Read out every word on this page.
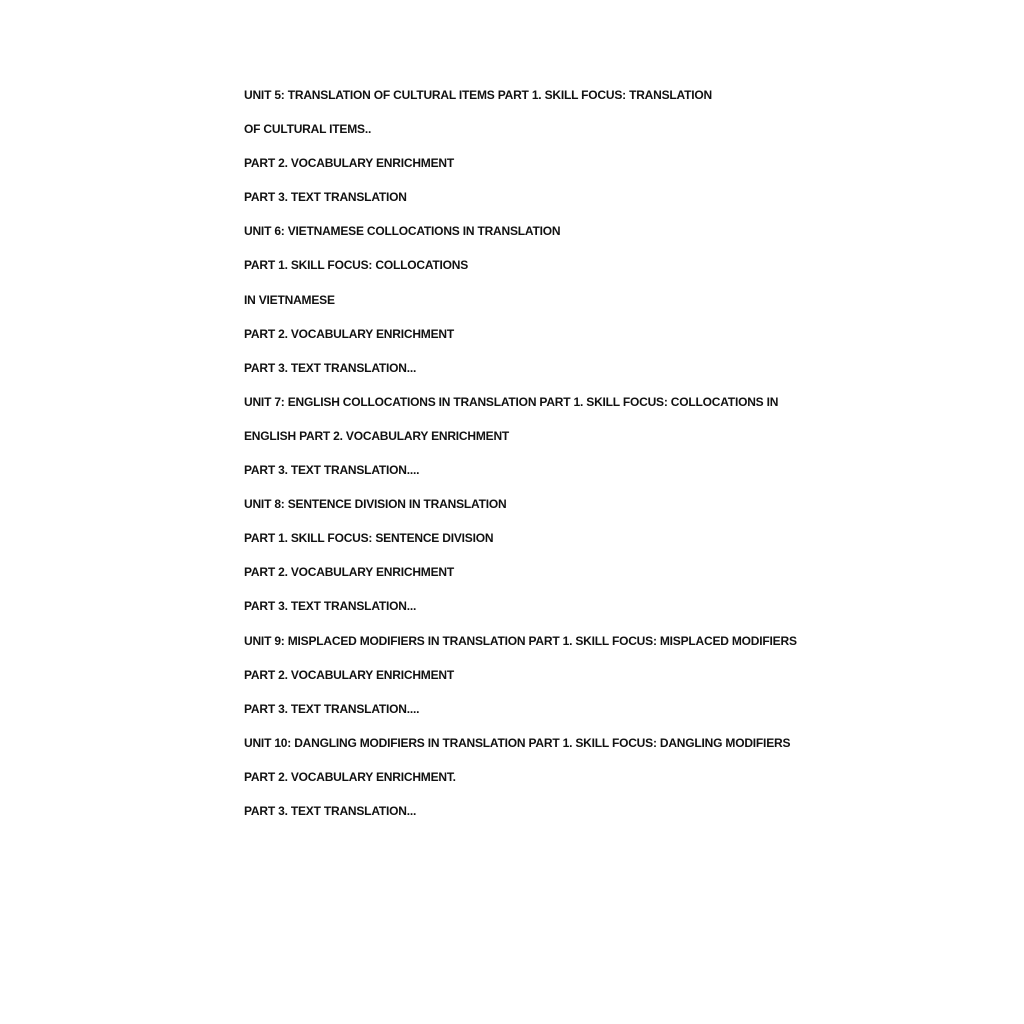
UNIT 5: TRANSLATION OF CULTURAL ITEMS PART 1. SKILL FOCUS: TRANSLATION
OF CULTURAL ITEMS..
PART 2. VOCABULARY ENRICHMENT
PART 3. TEXT TRANSLATION
UNIT 6: VIETNAMESE COLLOCATIONS IN TRANSLATION
PART 1. SKILL FOCUS: COLLOCATIONS
IN VIETNAMESE
PART 2. VOCABULARY ENRICHMENT
PART 3. TEXT TRANSLATION...
UNIT 7: ENGLISH COLLOCATIONS IN TRANSLATION PART 1. SKILL FOCUS: COLLOCATIONS IN
ENGLISH PART 2. VOCABULARY ENRICHMENT
PART 3. TEXT TRANSLATION....
UNIT 8: SENTENCE DIVISION IN TRANSLATION
PART 1. SKILL FOCUS: SENTENCE DIVISION
PART 2. VOCABULARY ENRICHMENT
PART 3. TEXT TRANSLATION...
UNIT 9: MISPLACED MODIFIERS IN TRANSLATION PART 1. SKILL FOCUS: MISPLACED MODIFIERS
PART 2. VOCABULARY ENRICHMENT
PART 3. TEXT TRANSLATION....
UNIT 10: DANGLING MODIFIERS IN TRANSLATION PART 1. SKILL FOCUS: DANGLING MODIFIERS
PART 2. VOCABULARY ENRICHMENT.
PART 3. TEXT TRANSLATION...
